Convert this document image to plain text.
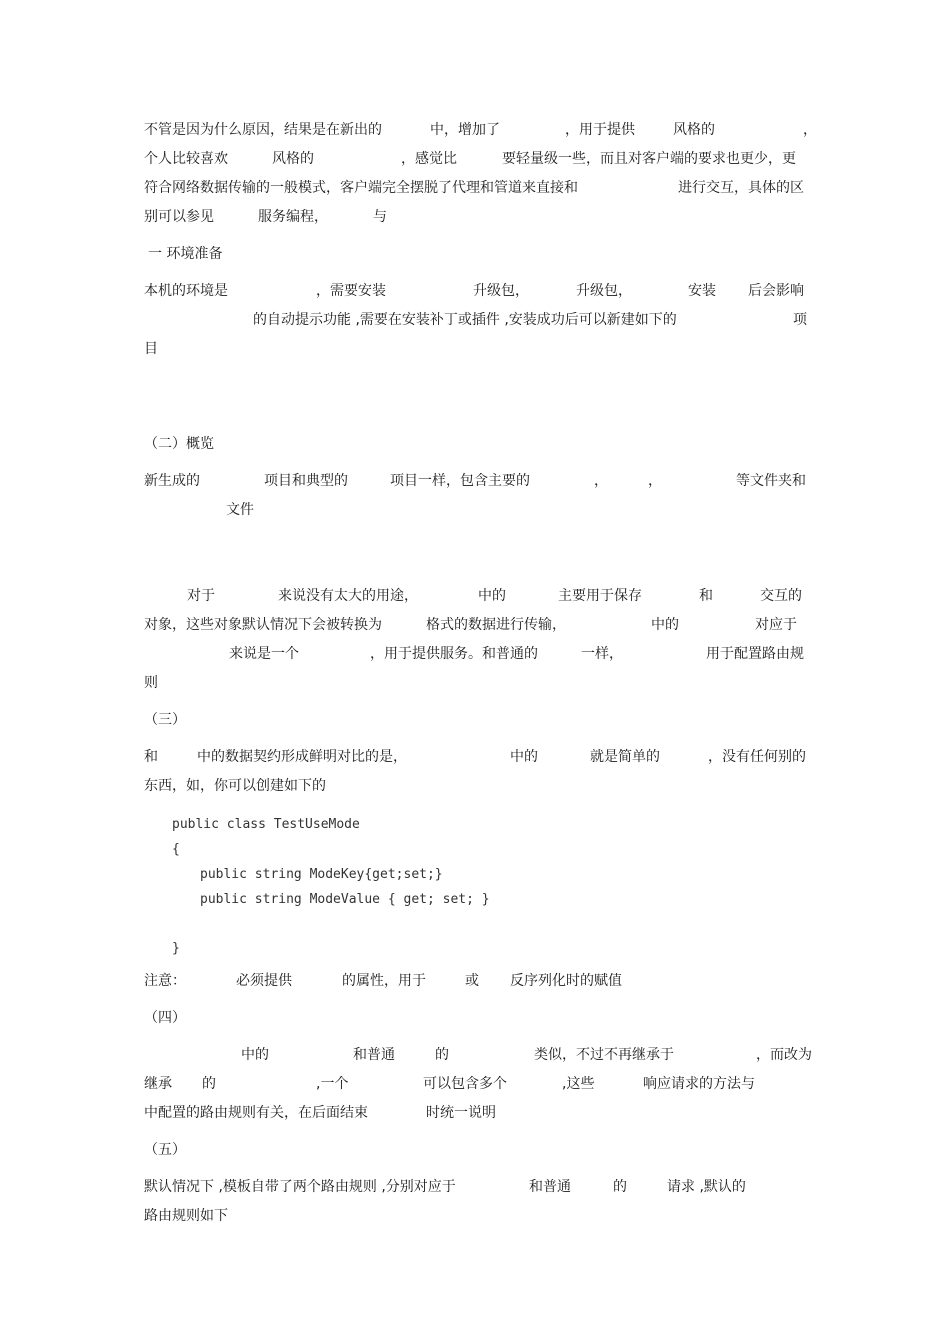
不管是因为什么原因，结果是在新出的	中，增加了	，用于提供	风格的	，
个人比较喜欢	风格的	，感觉比	要轻量级一些，而且对客户端的要求也更少，更
符合网络数据传输的一般模式，客户端完全摆脱了代理和管道来直接和	进行交互，具体的区
别可以参见	服务编程，	与
一 环境准备
本机的环境是	，需要安装	升级包，	升级包，	安装 后会影响
的自动提示功能 ,需要在安装补丁或插件 ,安装成功后可以新建如下的	项
目
（二）概览
新生成的	项目和典型的	项目一样，包含主要的	，	，	等文件夹和
文件
对于	来说没有太大的用途，	中的	主要用于保存	和	交互的
对象，这些对象默认情况下会被转换为	格式的数据进行传输，	中的	对应于
来说是一个	，用于提供服务。和普通的	一样，	用于配置路由规
则
（三）
和	中的数据契约形成鲜明对比的是，	中的	就是简单的	，没有任何别的
东西，如，你可以创建如下的
public class TestUseMode
{
public string ModeKey{get;set;}
public string ModeValue { get; set; }
}
注意：	必须提供	的属性，用于	或 反序列化时的赋值
（四）
中的	和普通	的	类似，不过不再继承于	，而改为
继承 的	,一个	可以包含多个	,这些	响应请求的方法与
中配置的路由规则有关，在后面结束	时统一说明
（五）
默认情况下 ,模板自带了两个路由规则 ,分别对应于	和普通	的	请求 ,默认的
路由规则如下
